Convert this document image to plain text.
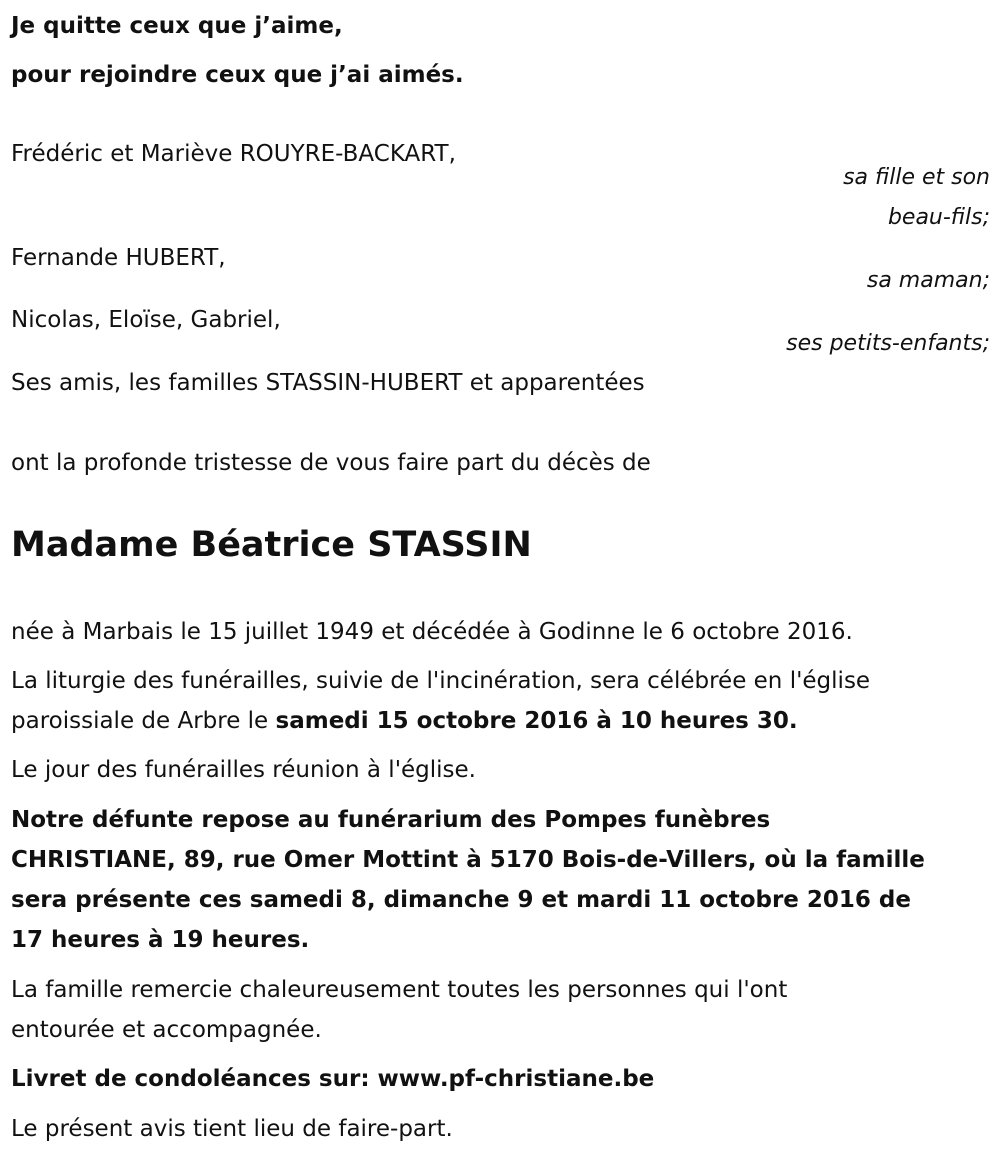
Je quitte ceux que j’aime,
pour rejoindre ceux que j’ai aimés.
Frédéric et Mariève ROUYRE-BACKART,
sa fille et son
beau-fils;
Fernande HUBERT,
sa maman;
Nicolas, Eloïse, Gabriel,
ses petits-enfants;
Ses amis, les familles STASSIN-HUBERT et apparentées
ont la profonde tristesse de vous faire part du décès de
Madame Béatrice STASSIN
née à Marbais le 15 juillet 1949 et décédée à Godinne le 6 octobre 2016.
La liturgie des funérailles, suivie de l'incinération, sera célébrée en l'église
paroissiale de Arbre le samedi 15 octobre 2016 à 10 heures 30.
Le jour des funérailles réunion à l'église.
Notre défunte repose au funérarium des Pompes funèbres
CHRISTIANE, 89, rue Omer Mottint à 5170 Bois-de-Villers, où la famille
sera présente ces samedi 8, dimanche 9 et mardi 11 octobre 2016 de
17 heures à 19 heures.
La famille remercie chaleureusement toutes les personnes qui l'ont
entourée et accompagnée.
Livret de condoléances sur: www.pf-christiane.be
Le présent avis tient lieu de faire-part.
